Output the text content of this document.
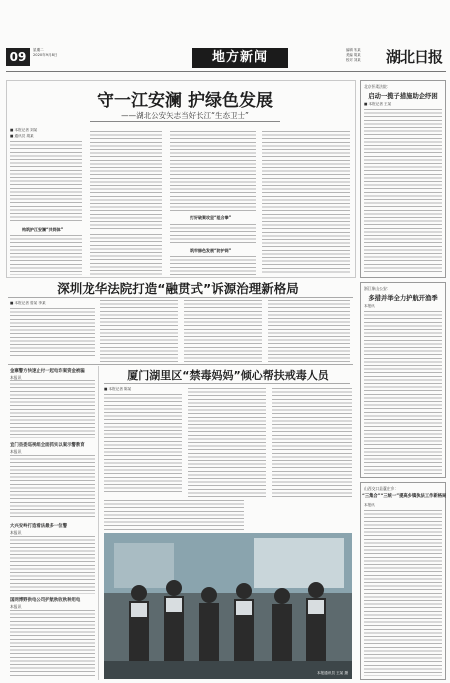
09	星期二
2020年9月8日	地方新闻	编辑 朱某
美编 胡某
校对 刘某 湖北日报
守一江安澜 护绿色发展
——湖北公安矢志当好长江“生态卫士”
■ 本报记者 刘某
■ 通讯员 胡某
构筑护江安澜“共同体”
打好破案攻坚“组合拳”
筑牢绿色发展“防护网”
深圳龙华法院打造“融贯式”诉源治理新格局
■ 本报记者 曾某 李某
金寨警方快速止付一起电诈案资金被骗
本报讯
宜门县委巡视组全面抓实以案示警教育
本报讯
大兴安岭打造看法最多一位警
本报讯
国网博野供电公司护航秋收秋种用电
本报讯
厦门湖里区“禁毒妈妈”倾心帮扶戒毒人员
■ 本报记者 陈某
本报通讯员 王某 摄
北京怀柔法院：
启动一揽子措施助企纾困
■ 本报记者 王某
浙江象山公安：
多措并举全力护航开渔季
本报讯
山西交口县蘆庄乡：
“三集合”“三统一”提高乡镇执法工作新格局
本报讯
